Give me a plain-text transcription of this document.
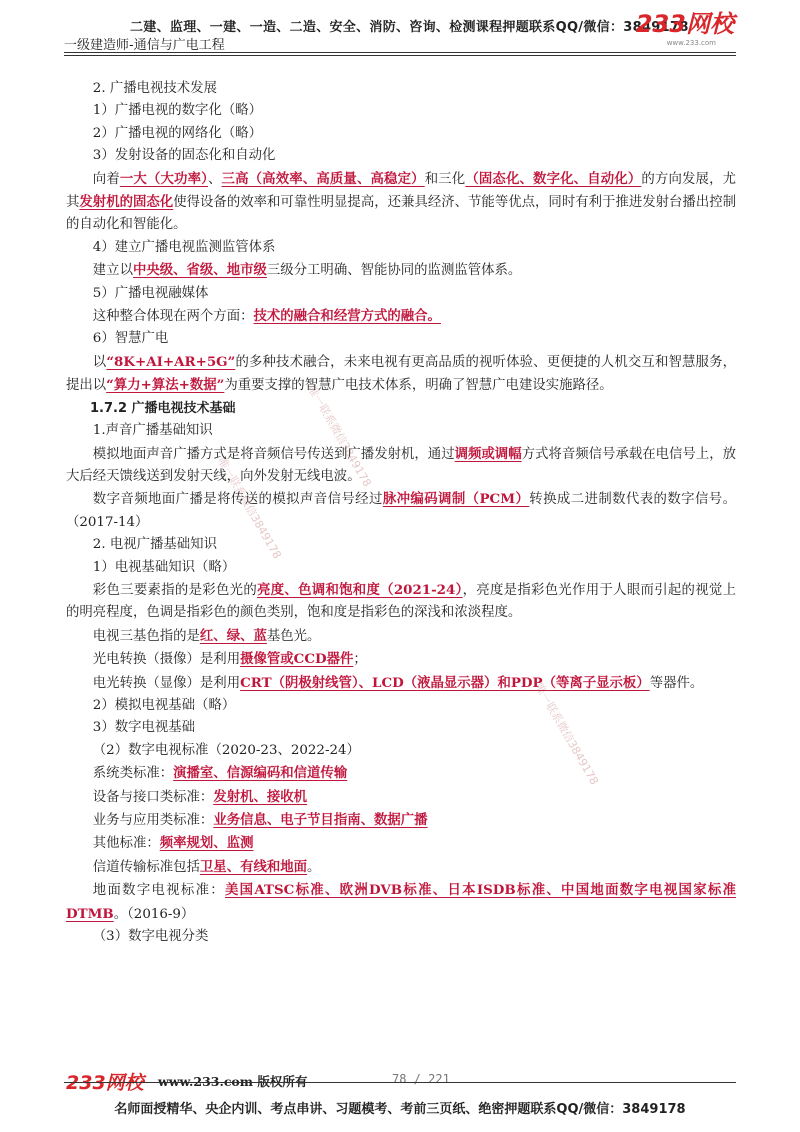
二建、监理、一建、一造、二造、安全、消防、咨询、检测课程押题联系QQ/微信：3849178
一级建造师-通信与广电工程
233网校
www.233.com
唯一联系微信3849178
唯一联系微信3849178
唯一联系微信3849178

2. 广播电视技术发展

1）广播电视的数字化（略）

2）广播电视的网络化（略）

3）发射设备的固态化和自动化

向着一大（大功率）、三高（高效率、高质量、高稳定）和三化（固态化、数字化、自动化）的方向发展，尤其发射机的固态化使得设备的效率和可靠性明显提高，还兼具经济、节能等优点，同时有利于推进发射台播出控制的自动化和智能化。

4）建立广播电视监测监管体系

建立以中央级、省级、地市级三级分工明确、智能协同的监测监管体系。

5）广播电视融媒体

这种整合体现在两个方面：技术的融合和经营方式的融合。

6）智慧广电

以“8K+AI+AR+5G”的多种技术融合，未来电视有更高品质的视听体验、更便捷的人机交互和智慧服务，提出以“算力+算法+数据”为重要支撑的智慧广电技术体系，明确了智慧广电建设实施路径。

1.7.2 广播电视技术基础

1.声音广播基础知识

模拟地面声音广播方式是将音频信号传送到广播发射机，通过调频或调幅方式将音频信号承载在电信号上，放大后经天馈线送到发射天线，向外发射无线电波。

数字音频地面广播是将传送的模拟声音信号经过脉冲编码调制（PCM）转换成二进制数代表的数字信号。（2017-14）

2. 电视广播基础知识

1）电视基础知识（略）

彩色三要素指的是彩色光的亮度、色调和饱和度（2021-24），亮度是指彩色光作用于人眼而引起的视觉上的明亮程度，色调是指彩色的颜色类别，饱和度是指彩色的深浅和浓淡程度。

电视三基色指的是红、绿、蓝基色光。

光电转换（摄像）是利用摄像管或CCD器件；

电光转换（显像）是利用CRT（阴极射线管）、LCD（液晶显示器）和PDP（等离子显示板）等器件。

2）模拟电视基础（略）

3）数字电视基础

（2）数字电视标准（2020-23、2022-24）

系统类标准：演播室、信源编码和信道传输

设备与接口类标准：发射机、接收机

业务与应用类标准：业务信息、电子节目指南、数据广播

其他标准：频率规划、监测

信道传输标准包括卫星、有线和地面。

地面数字电视标准：美国ATSC标准、欧洲DVB标准、日本ISDB标准、中国地面数字电视国家标准DTMB。（2016-9）

（3）数字电视分类

233网校 www.233.com 版权所有	78 / 221
名师面授精华、央企内训、考点串讲、习题模考、考前三页纸、绝密押题联系QQ/微信：3849178
